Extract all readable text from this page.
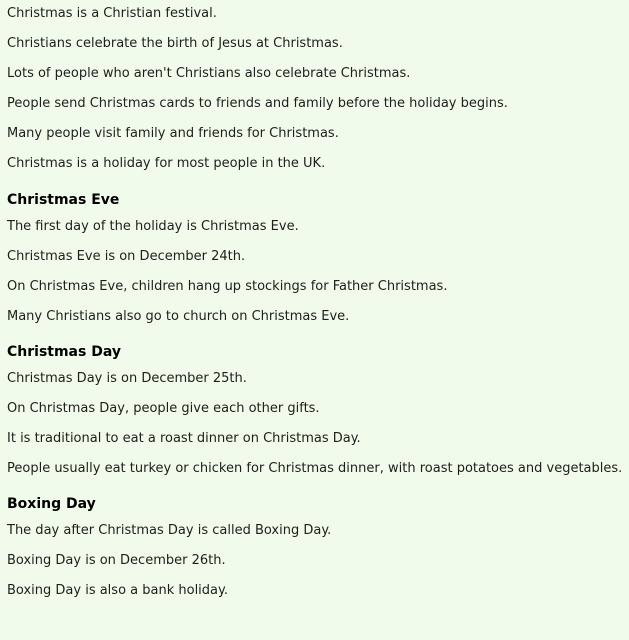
Christmas is a Christian festival.
Christians celebrate the birth of Jesus at Christmas.
Lots of people who aren't Christians also celebrate Christmas.
People send Christmas cards to friends and family before the holiday begins.
Many people visit family and friends for Christmas.
Christmas is a holiday for most people in the UK.
Christmas Eve
The first day of the holiday is Christmas Eve.
Christmas Eve is on December 24th.
On Christmas Eve, children hang up stockings for Father Christmas.
Many Christians also go to church on Christmas Eve.
Christmas Day
Christmas Day is on December 25th.
On Christmas Day, people give each other gifts.
It is traditional to eat a roast dinner on Christmas Day.
People usually eat turkey or chicken for Christmas dinner, with roast potatoes and vegetables.
Boxing Day
The day after Christmas Day is called Boxing Day.
Boxing Day is on December 26th.
Boxing Day is also a bank holiday.
